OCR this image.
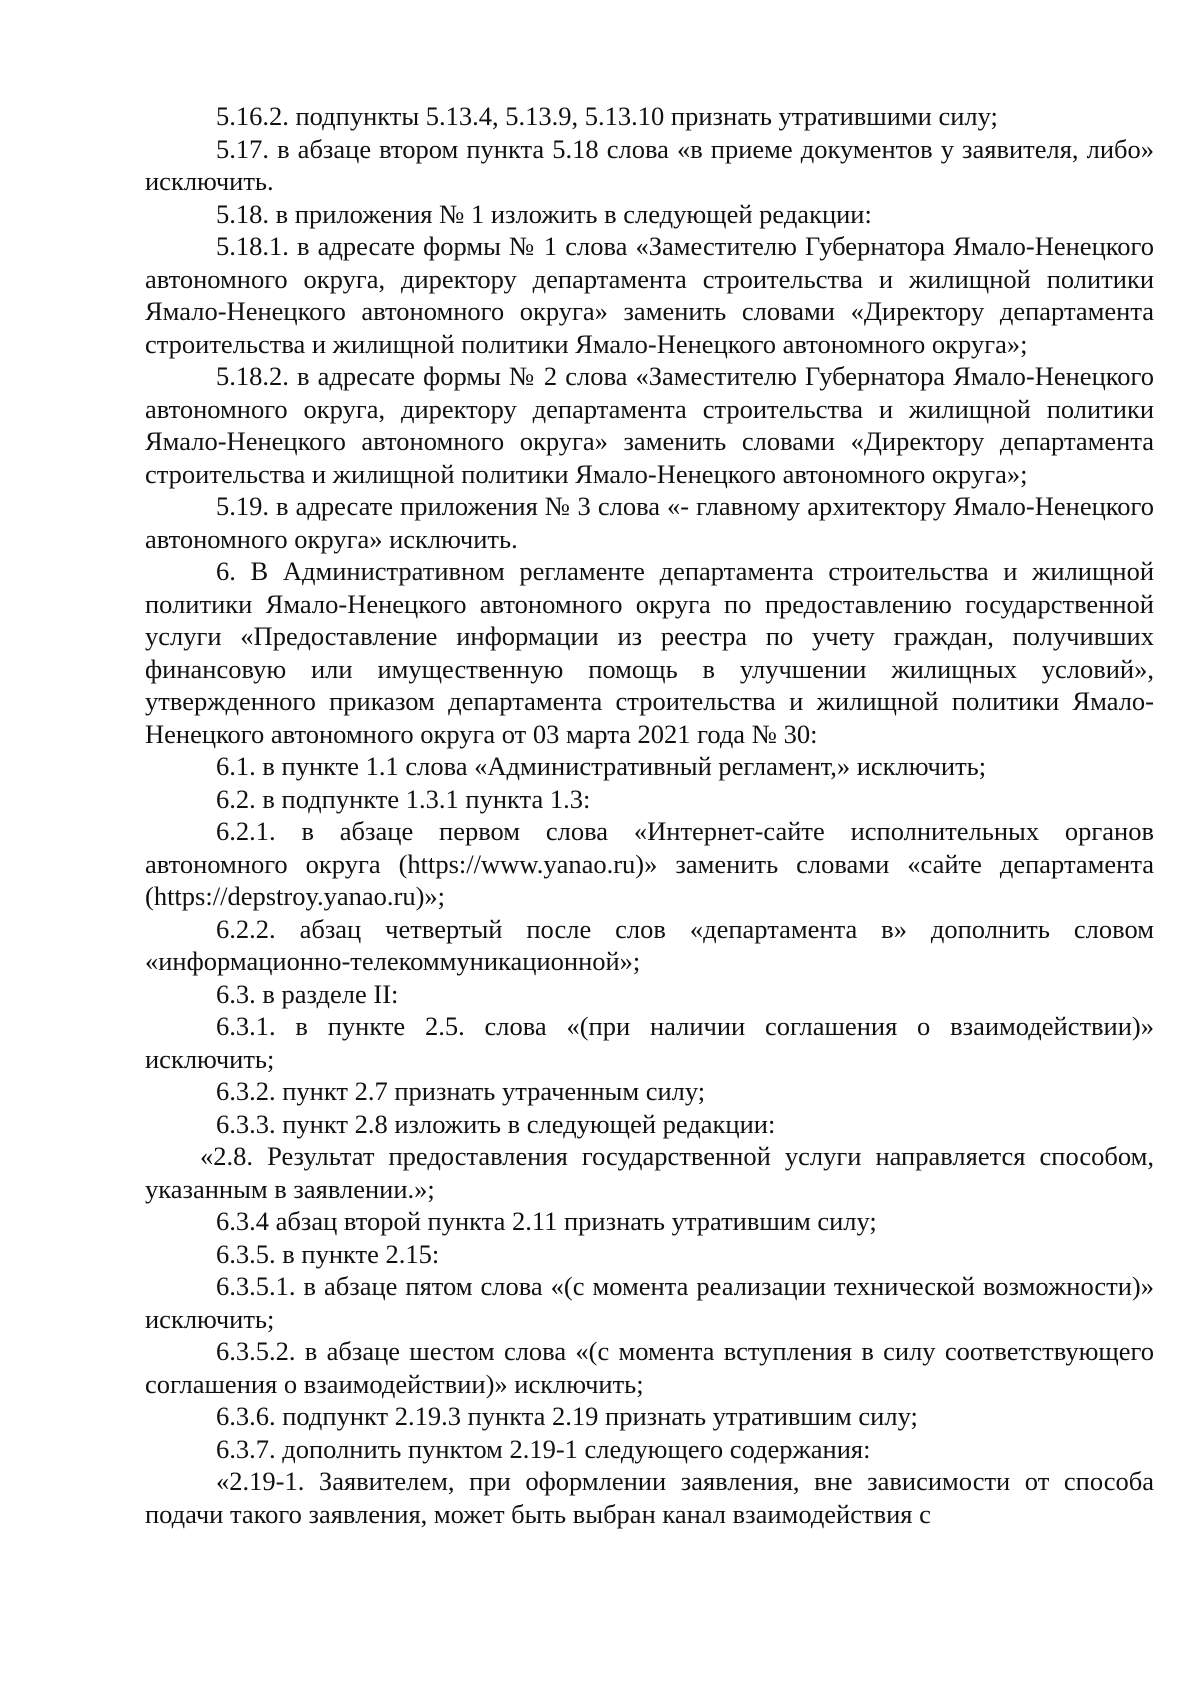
5.16.2. подпункты 5.13.4, 5.13.9, 5.13.10 признать утратившими силу;

5.17. в абзаце втором пункта 5.18 слова «в приеме документов у заявителя, либо» исключить.

5.18. в приложения № 1 изложить в следующей редакции:

5.18.1. в адресате формы № 1 слова «Заместителю Губернатора Ямало-Ненецкого автономного округа, директору департамента строительства и жилищной политики Ямало-Ненецкого автономного округа» заменить словами «Директору департамента строительства и жилищной политики Ямало-Ненецкого автономного округа»;

5.18.2. в адресате формы № 2 слова «Заместителю Губернатора Ямало-Ненецкого автономного округа, директору департамента строительства и жилищной политики Ямало-Ненецкого автономного округа» заменить словами «Директору департамента строительства и жилищной политики Ямало-Ненецкого автономного округа»;

5.19. в адресате приложения № 3 слова «- главному архитектору Ямало-Ненецкого автономного округа» исключить.

6. В Административном регламенте департамента строительства и жилищной политики Ямало-Ненецкого автономного округа по предоставлению государственной услуги «Предоставление информации из реестра по учету граждан, получивших финансовую или имущественную помощь в улучшении жилищных условий», утвержденного приказом департамента строительства и жилищной политики Ямало-Ненецкого автономного округа от 03 марта 2021 года № 30:

6.1. в пункте 1.1 слова «Административный регламент,» исключить;

6.2. в подпункте 1.3.1 пункта 1.3:

6.2.1. в абзаце первом слова «Интернет-сайте исполнительных органов автономного округа (https://www.yanao.ru)» заменить словами «сайте департамента (https://depstroy.yanao.ru)»;

6.2.2. абзац четвертый после слов «департамента в» дополнить словом «информационно-телекоммуникационной»;

6.3. в разделе II:

6.3.1. в пункте 2.5. слова «(при наличии соглашения о взаимодействии)» исключить;

6.3.2. пункт 2.7 признать утраченным силу;

6.3.3. пункт 2.8 изложить в следующей редакции:

«2.8. Результат предоставления государственной услуги направляется способом, указанным в заявлении.»;

6.3.4 абзац второй пункта 2.11 признать утратившим силу;

6.3.5. в пункте 2.15:

6.3.5.1. в абзаце пятом слова «(с момента реализации технической возможности)» исключить;

6.3.5.2. в абзаце шестом слова «(с момента вступления в силу соответствующего соглашения о взаимодействии)» исключить;

6.3.6. подпункт 2.19.3 пункта 2.19 признать утратившим силу;

6.3.7. дополнить пунктом 2.19-1 следующего содержания:

«2.19-1. Заявителем, при оформлении заявления, вне зависимости от способа подачи такого заявления, может быть выбран канал взаимодействия с
